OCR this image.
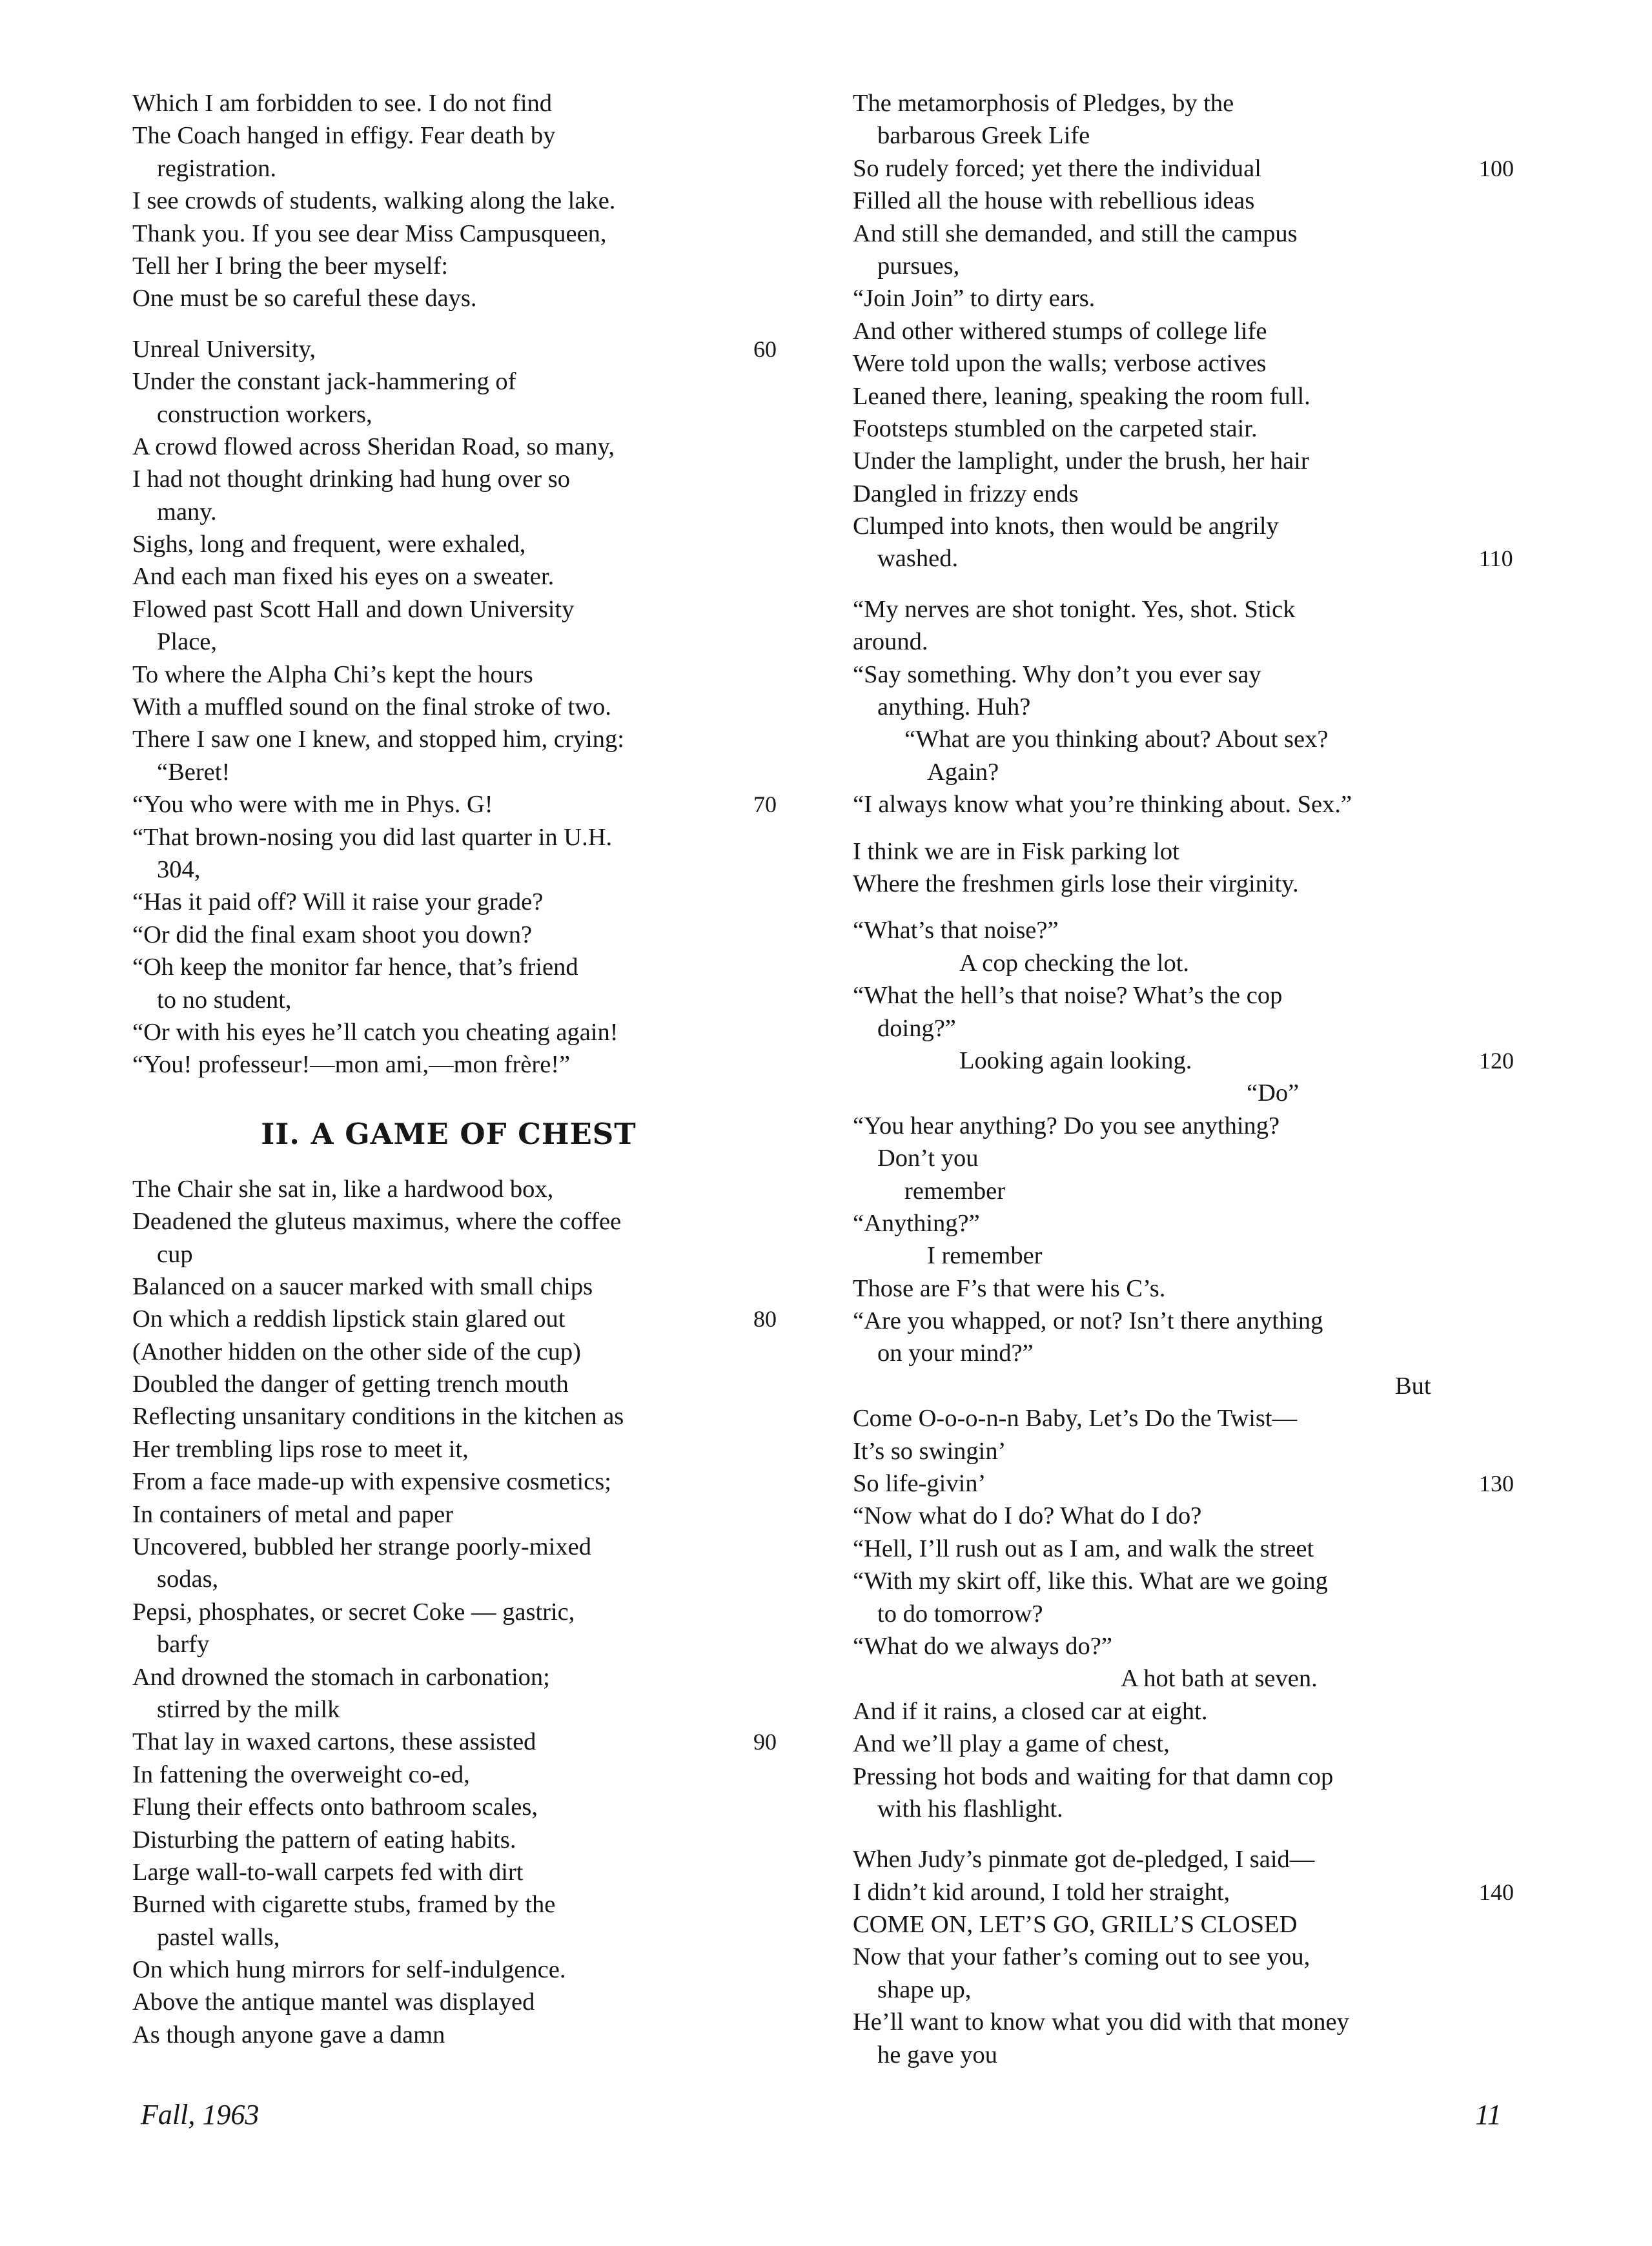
Which I am forbidden to see. I do not find
The Coach hanged in effigy. Fear death by
registration.
I see crowds of students, walking along the lake.
Thank you. If you see dear Miss Campusqueen,
Tell her I bring the beer myself:
One must be so careful these days.
Unreal University,	60
Under the constant jack-hammering of
construction workers,
A crowd flowed across Sheridan Road, so many,
I had not thought drinking had hung over so
many.
Sighs, long and frequent, were exhaled,
And each man fixed his eyes on a sweater.
Flowed past Scott Hall and down University
Place,
To where the Alpha Chi’s kept the hours
With a muffled sound on the final stroke of two.
There I saw one I knew, and stopped him, crying:
“Beret!
“You who were with me in Phys. G!	70
“That brown-nosing you did last quarter in U.H.
304,
“Has it paid off? Will it raise your grade?
“Or did the final exam shoot you down?
“Oh keep the monitor far hence, that’s friend
to no student,
“Or with his eyes he’ll catch you cheating again!
“You! professeur!—mon ami,—mon frère!”
II. A GAME OF CHEST
The Chair she sat in, like a hardwood box,
Deadened the gluteus maximus, where the coffee
cup
Balanced on a saucer marked with small chips
On which a reddish lipstick stain glared out	80
(Another hidden on the other side of the cup)
Doubled the danger of getting trench mouth
Reflecting unsanitary conditions in the kitchen as
Her trembling lips rose to meet it,
From a face made-up with expensive cosmetics;
In containers of metal and paper
Uncovered, bubbled her strange poorly-mixed
sodas,
Pepsi, phosphates, or secret Coke — gastric,
barfy
And drowned the stomach in carbonation;
stirred by the milk
That lay in waxed cartons, these assisted	90
In fattening the overweight co-ed,
Flung their effects onto bathroom scales,
Disturbing the pattern of eating habits.
Large wall-to-wall carpets fed with dirt
Burned with cigarette stubs, framed by the
pastel walls,
On which hung mirrors for self-indulgence.
Above the antique mantel was displayed
As though anyone gave a damn
The metamorphosis of Pledges, by the
barbarous Greek Life
So rudely forced; yet there the individual	100
Filled all the house with rebellious ideas
And still she demanded, and still the campus
pursues,
“Join Join” to dirty ears.
And other withered stumps of college life
Were told upon the walls; verbose actives
Leaned there, leaning, speaking the room full.
Footsteps stumbled on the carpeted stair.
Under the lamplight, under the brush, her hair
Dangled in frizzy ends
Clumped into knots, then would be angrily
washed.	110
“My nerves are shot tonight. Yes, shot. Stick
around.
“Say something. Why don’t you ever say
anything. Huh?
“What are you thinking about? About sex?
Again?
“I always know what you’re thinking about. Sex.”
I think we are in Fisk parking lot
Where the freshmen girls lose their virginity.
“What’s that noise?”
A cop checking the lot.
“What the hell’s that noise? What’s the cop
doing?”
Looking again looking.	120
“Do”
“You hear anything? Do you see anything?
Don’t you
remember
“Anything?”
I remember
Those are F’s that were his C’s.
“Are you whapped, or not? Isn’t there anything
on your mind?”
But
Come O-o-o-n-n Baby, Let’s Do the Twist—
It’s so swingin’
So life-givin’	130
“Now what do I do? What do I do?
“Hell, I’ll rush out as I am, and walk the street
“With my skirt off, like this. What are we going
to do tomorrow?
“What do we always do?”
A hot bath at seven.
And if it rains, a closed car at eight.
And we’ll play a game of chest,
Pressing hot bods and waiting for that damn cop
with his flashlight.
When Judy’s pinmate got de-pledged, I said—
I didn’t kid around, I told her straight,	140
COME ON, LET’S GO, GRILL’S CLOSED
Now that your father’s coming out to see you,
shape up,
He’ll want to know what you did with that money
he gave you
Fall, 1963	11
